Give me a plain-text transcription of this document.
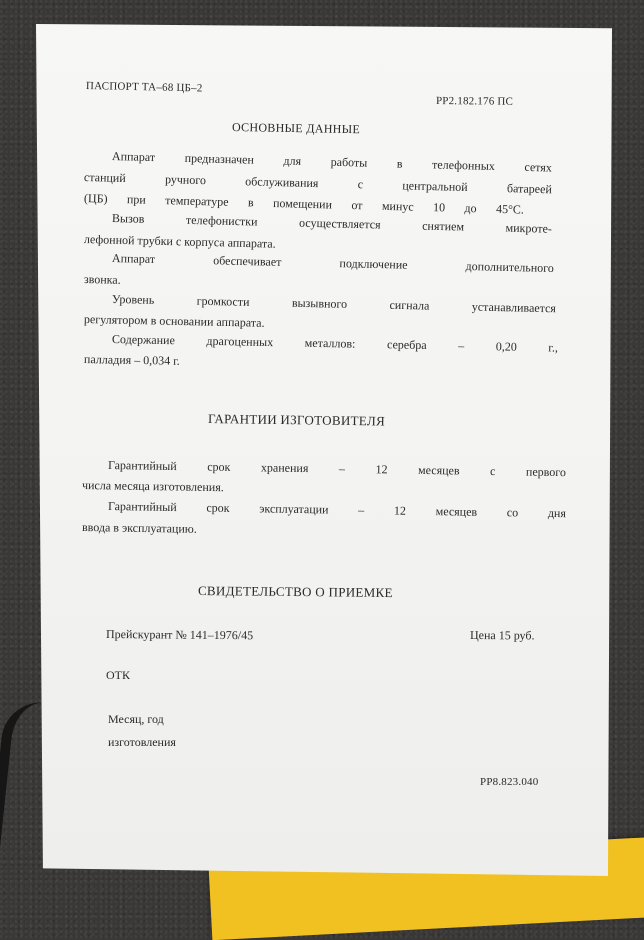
ПАСПОРТ ТА–68 ЦБ–2
РР2.182.176 ПС
ОСНОВНЫЕ ДАННЫЕ
Аппарат предназначен для работы в телефонных сетях
станций ручного обслуживания с центральной батареей
(ЦБ) при температуре в помещении от минус 10 до 45°С.
Вызов телефонистки осуществляется снятием микроте-
лефонной трубки с корпуса аппарата.
Аппарат обеспечивает подключение дополнительного
звонка.
Уровень громкости вызывного сигнала устанавливается
регулятором в основании аппарата.
Содержание драгоценных металлов: серебра – 0,20 г.,
палладия – 0,034 г.
ГАРАНТИИ ИЗГОТОВИТЕЛЯ
Гарантийный срок хранения – 12 месяцев с первого
числа месяца изготовления.
Гарантийный срок эксплуатации – 12 месяцев со дня
ввода в эксплуатацию.
СВИДЕТЕЛЬСТВО О ПРИЕМКЕ
Прейскурант № 141–1976/45	Цена 15 руб.
ОТК
Месяц, год
изготовления
РР8.823.040
